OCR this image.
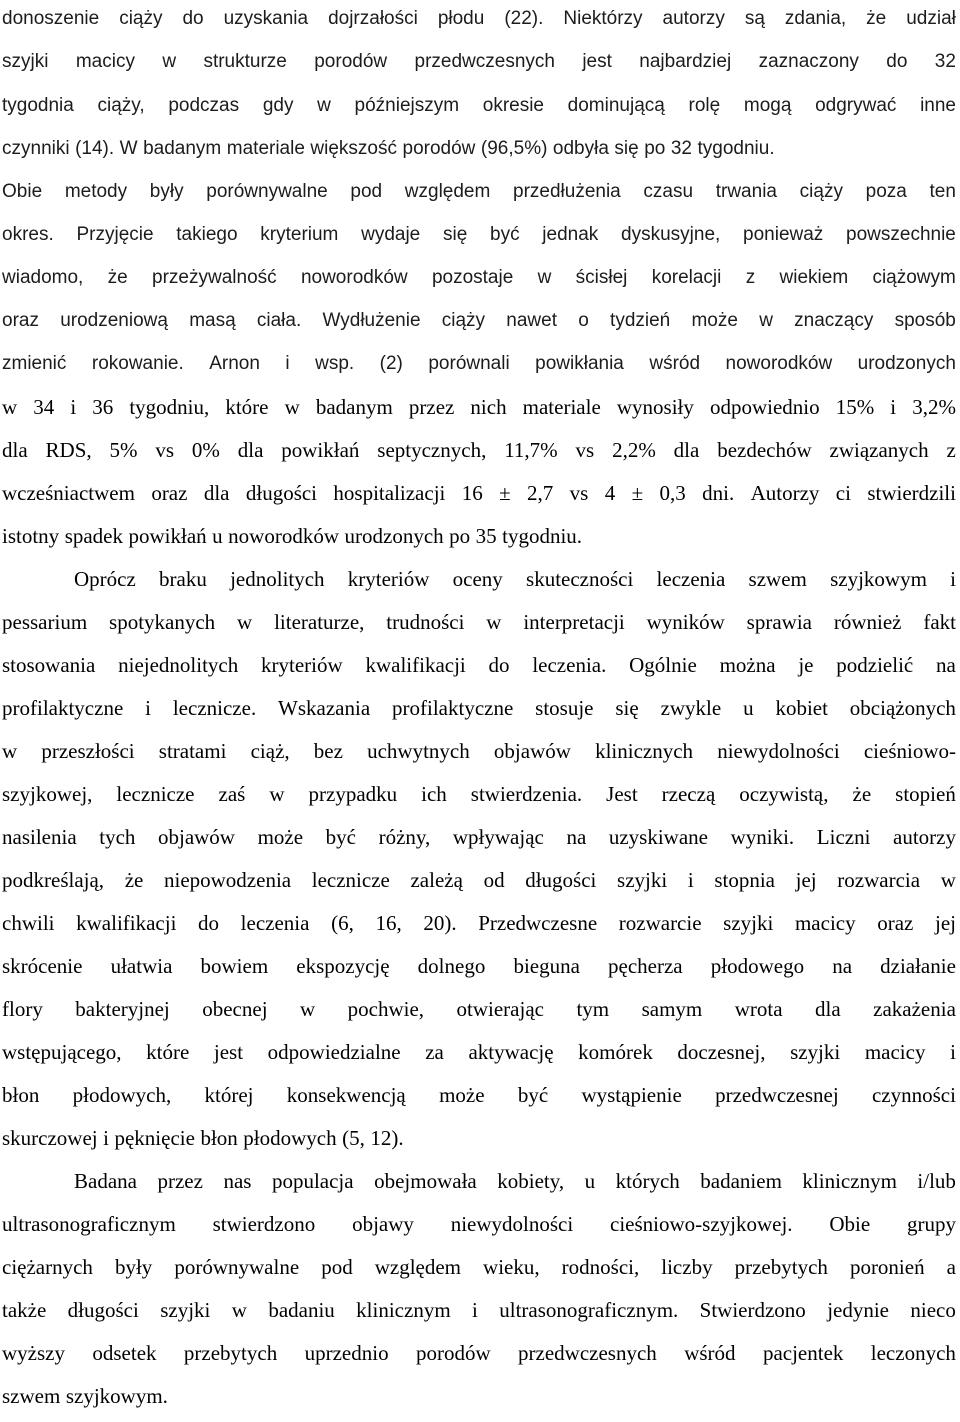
donoszenie ciąży do uzyskania dojrzałości płodu (22). Niektórzy autorzy są zdania, że udział
szyjki macicy w strukturze porodów przedwczesnych jest najbardziej zaznaczony do 32
tygodnia ciąży, podczas gdy w późniejszym okresie dominującą rolę mogą odgrywać inne
czynniki (14). W badanym materiale większość porodów (96,5%) odbyła się po 32 tygodniu.
Obie metody były porównywalne pod względem przedłużenia czasu trwania ciąży poza ten
okres. Przyjęcie takiego kryterium wydaje się być jednak dyskusyjne, ponieważ powszechnie
wiadomo, że przeżywalność noworodków pozostaje w ścisłej korelacji z wiekiem ciążowym
oraz urodzeniową masą ciała. Wydłużenie ciąży nawet o tydzień może w znaczący sposób
zmienić rokowanie. Arnon i wsp. (2) porównali powikłania wśród noworodków urodzonych
w 34 i 36 tygodniu, które w badanym przez nich materiale wynosiły odpowiednio 15% i 3,2%
dla RDS, 5% vs 0% dla powikłań septycznych, 11,7% vs 2,2% dla bezdechów związanych z
wcześniactwem oraz dla długości hospitalizacji 16 ± 2,7 vs 4 ± 0,3 dni. Autorzy ci stwierdzili
istotny spadek powikłań u noworodków urodzonych po 35 tygodniu.
Oprócz braku jednolitych kryteriów oceny skuteczności leczenia szwem szyjkowym i
pessarium spotykanych w literaturze, trudności w interpretacji wyników sprawia również fakt
stosowania niejednolitych kryteriów kwalifikacji do leczenia. Ogólnie można je podzielić na
profilaktyczne i lecznicze. Wskazania profilaktyczne stosuje się zwykle u kobiet obciążonych
w przeszłości stratami ciąż, bez uchwytnych objawów klinicznych niewydolności cieśniowo-
szyjkowej, lecznicze zaś w przypadku ich stwierdzenia. Jest rzeczą oczywistą, że stopień
nasilenia tych objawów może być różny, wpływając na uzyskiwane wyniki. Liczni autorzy
podkreślają, że niepowodzenia lecznicze zależą od długości szyjki i stopnia jej rozwarcia w
chwili kwalifikacji do leczenia (6, 16, 20). Przedwczesne rozwarcie szyjki macicy oraz jej
skrócenie ułatwia bowiem ekspozycję dolnego bieguna pęcherza płodowego na działanie
flory bakteryjnej obecnej w pochwie, otwierając tym samym wrota dla zakażenia
wstępującego, które jest odpowiedzialne za aktywację komórek doczesnej, szyjki macicy i
błon płodowych, której konsekwencją może być wystąpienie przedwczesnej czynności
skurczowej i pęknięcie błon płodowych (5, 12).
Badana przez nas populacja obejmowała kobiety, u których badaniem klinicznym i/lub
ultrasonograficznym stwierdzono objawy niewydolności cieśniowo-szyjkowej. Obie grupy
ciężarnych były porównywalne pod względem wieku, rodności, liczby przebytych poronień a
także długości szyjki w badaniu klinicznym i ultrasonograficznym. Stwierdzono jedynie nieco
wyższy odsetek przebytych uprzednio porodów przedwczesnych wśród pacjentek leczonych
szwem szyjkowym.
